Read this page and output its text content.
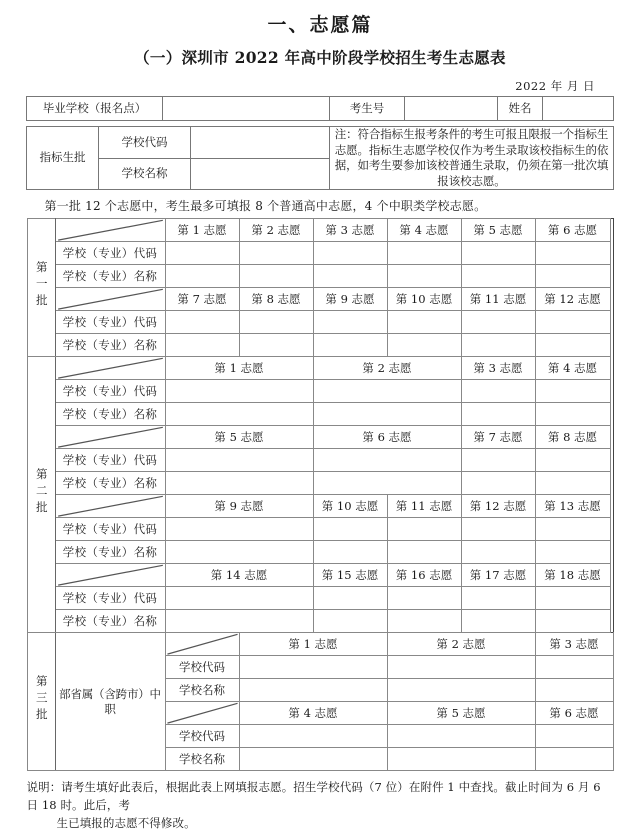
一、志愿篇
（一）深圳市 2022 年高中阶段学校招生考生志愿表
2022 年 月 日
毕业学校（报名点）		考生号		姓名	
指标生批	学校代码		注：符合指标生报考条件的考生可报且限报一个指标生志愿。指标生志愿学校仅作为考生录取该校指标生的依据，如考生要参加该校普通生录取，仍须在第一批次填报该校志愿。
	学校名称		
第一批 12 个志愿中，考生最多可填报 8 个普通高中志愿，4 个中职类学校志愿。
第一批		第 1 志愿	第 2 志愿	第 3 志愿	第 4 志愿	第 5 志愿	第 6 志愿
	学校（专业）代码						
	学校（专业）名称						

	第 7 志愿	第 8 志愿	第 9 志愿	第 10 志愿	第 11 志愿	第 12 志愿
	学校（专业）代码						
	学校（专业）名称						
第二批		第 1 志愿		第 2 志愿		第 3 志愿	第 4 志愿
	学校（专业）代码						
	学校（专业）名称						

	第 5 志愿		第 6 志愿		第 7 志愿	第 8 志愿
	学校（专业）代码						
	学校（专业）名称						

	第 9 志愿		第 10 志愿	第 11 志愿	第 12 志愿	第 13 志愿
	学校（专业）代码						
	学校（专业）名称						

	第 14 志愿		第 15 志愿	第 16 志愿	第 17 志愿	第 18 志愿
	学校（专业）代码						
	学校（专业）名称						
第三批	部省属（含跨市）中职		第 1 志愿		第 2 志愿		第 3 志愿
		学校代码					
		学校名称					

	第 4 志愿		第 5 志愿		第 6 志愿
		学校代码					
		学校名称					
说明：请考生填好此表后，根据此表上网填报志愿。招生学校代码（7 位）在附件 1 中查找。截止时间为 6 月 6 日 18 时。此后，考
生已填报的志愿不得修改。
